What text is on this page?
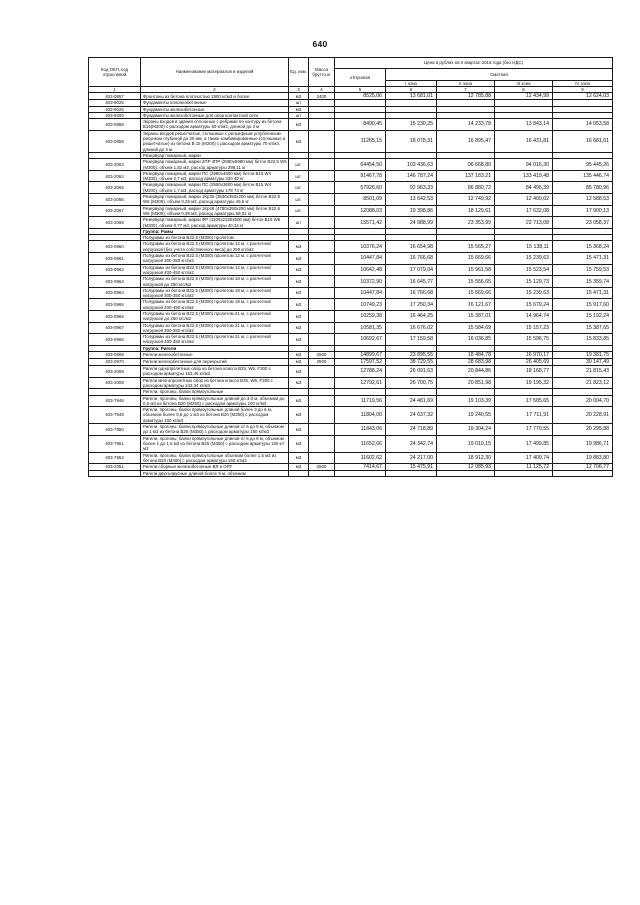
640
Код ОКП, код отраслевой	Наименование материалов и изделий	Ед. изм.	Масса брутто кг	Цена в рублях на II квартал 2016 года (без НДС)				
				отпускная	Сметная			
					I зона	II зона	III зона	IV зона
1	2	3	4	5	6	7	8	9
403-0857	Фронтоны из бетона плотностью 1900 кг/м3 и более	м3	2400	8525,06	13 681,01	12 785,88	12 434,99	12 624,03
403-9025	Фундаменты колоннобетонные	шт						
403-9026	Фундаменты железобетонные	м3						
403-9200	Фундаменты железобетонные для опор контактной сети	шт						
403-0958	Экраны входов в здания сплошные с ребрами по контуру из бетона В15(М200) с расходом арматуры 60 кг/м3, длиной до 3 м	м3		8490,45	15 230,25	14 233,78	13 843,14	14 053,58
403-0959	Экраны входов решетчатые, сплошные с рельефным углубленным рисунком глубиной до 30 мм, а также комбинированные (сплошные и решетчатые) из бетона В 15 (М200) с расходом арматуры 70 кг/м3, длиной до 3 м	м3		11265,15	18 078,31	16 895,47	16 431,81	16 681,61
	Резервуар пожарный, марки							
403-2063	Резервуар пожарный, марки 2ПР 4ПР (2980x5980 мм) бетон В22,5 W6 (М300), объем 1,82 м3, расход арматуры 298,11 кг	шт.		64454,50	103 436,63	96 668,80	94 016,30	95 445,26
403-2064	Резервуар пожарный, марки ПС (2980x4800 мм) бетон В15 W4 (М200), объем 2,7 м3, расход арматуры 320 40 кг	шт.		91467,78	146 787,24	137 183,21	133 419,48	135 446,74
403-2065	Резервуар пожарный, марки ПС (2950x3600 мм) бетон В15 W4 (М200), объем 1,7 м3, расход арматуры 178 74 кг	шт.		57926,60	92 963,33	86 880,72	84 496,39	85 780,96
403-2066	Резервуар пожарный, марки 1Кр35 (3530x350x200 мм) бетон В22,5 W6 (М300), объем 0,26 м3, расход арматуры 49,6 кг	шт.		8501,09	13 642,53	12 749,92	12 400,02	12 588,53
403-2067	Резервуар пожарный, марки 1Кр48 (4780x350x200 мм) бетон В22,5 W6 (М300), объем 0,35 м3, расход арматуры 58,01 кг	шт.		12088,03	19 398,86	18 129,61	17 632,08	17 900,13
403-2068	Резервуар пожарный, марки ФР (1100x2100x500 мм) бетон В15 W6 (М200), объем 0,77 м3, расход арматуры 40,34 кг	шт		15571,42	24 988,99	23 353,99	22 713,08	23 058,37
	Группа: Рамы							
	Полурамы из бетона В22,5 (М300) пролетом							
403-0960	Полурамы из бетона В22,5 (М300) пролетом 12 м, с расчетной нагрузкой (без учета собственного веса) до 250 кгс/м2	м3		10376,24	16 654,98	15 565,27	15 138,11	15 368,24
403-0961	Полурамы из бетона В22,5 (М300) пролетом 12 м, с расчетной нагрузкой 300-350 кгс/м2	м3		10447,84	16 766,68	15 669,66	15 239,63	15 471,31
403-0962	Полурамы из бетона В22,5 (М300) пролетом 12 м, с расчетной нагрузкой 400-450 кгс/м2	м3		10642,48	17 079,04	15 961,58	15 523,54	15 759,53
403-0963	Полурамы из бетона В22,5 (М300) пролетом 18 м, с расчетной нагрузкой до 250 кгс/м2	м3		10372,90	16 645,77	15 556,65	15 129,73	15 359,74
403-0964	Полурамы из бетона В22,5 (М300) пролетом 18 м, с расчетной нагрузкой 300-350 кгс/м2	м3		10447,84	16 766,68	15 669,66	15 239,63	15 471,31
403-0965	Полурамы из бетона В22,5 (М300) пролетом 18 м, с расчетной нагрузкой 400-450 кгс/м2	м3		10749,23	17 250,34	16 121,67	15 679,24	15 917,60
403-0966	Полурамы из бетона В22,5 (М300) пролетом 21 м, с расчетной нагрузкой до 250 кгс/м2	м3		10259,38	16 464,25	15 387,01	14 964,74	15 192,24
403-0967	Полурамы из бетона В22,5 (М300) пролетом 21 м, с расчетной нагрузкой 300-350 кгс/м2	м3		10581,35	16 676,02	15 584,69	15 157,23	15 387,65
403-0968	Полурамы из бетона В22,5 (М300) пролетом 21 м, с расчетной нагрузкой 400-450 кгс/м2	м3		10692,67	17 159,58	16 036,85	15 596,75	15 833,85
	Группа: Ригели							
403-0969	Ригели железобетонные	м3	2500	14899,67	23 895,55	18 484,78	16 970,17	19 381,75
403-0970	Ригели железобетонные для перекрытий	м3	2500	17597,52	38 729,55	28 683,98	26 405,69	30 147,49
403-2008	Ригели однопролетных опор из бетона класса В25, W6, F300 с расходом арматуры 153,45 кг/м3	м3		12788,24	26 091,63	20 844,86	18 168,77	21 815,43
403-2009	Ригели многопролетных опор из бетона класса В25, W6, F300 с расходом арматуры 142,34 кг/м3	м3		12792,61	26 700,75	20 851,98	19 195,32	21 823,12
	Ригели, прогоны, балки прямоугольные							
403-7948	Ригели, прогоны, балки прямоугольные длиной до 3,0 м, объемом до 0,5 м3 из бетона В20 (М250) с расходом арматуры 100 кг/м3	м3		11719,56	24 481,69	19 103,39	17 585,65	20 004,70
403-7949	Ригели, прогоны, балки прямоугольные длиной более 3 до 6 м, объемом более 0,5 до 1 м3 из бетона В20 (М250) с расходом арматуры 100 кг/м3	м3		11804,00	24 637,32	19 240,55	17 711,91	20 228,91
403-7950	Ригели, прогоны, балки прямоугольные длиной от 6 до 9 м, объемом до 1 м3 из бетона В25 (М350) с расходом арматуры 150 кг/м3	м3		11843,06	24 718,89	19 304,24	17 770,55	20 295,88
403-7951	Ригели, прогоны, балки прямоугольные длиной от 6 до 9 м, объемом более 1 до 1,5 м3 из бетона В25 (М350) с расходом арматуры 150 кг/м3	м3		11652,66	24 342,74	19 010,15	17 499,85	19 986,71
403-7952	Ригели, прогоны, балки прямоугольные объемом более 1,5 м3 из бетона В30 (М400) с расходом арматуры 150 кг/м3	м3		11602,62	24 217,00	18 912,30	17 409,74	19 883,80
403-2351	Ригели сборные железобетонные ВЛ и ОРУ	м3	2500	7414,67	15 475,91	12 085,93	11 125,72	12 706,77
	Ригели двухъярусные длиной более 9 м, объемом							
